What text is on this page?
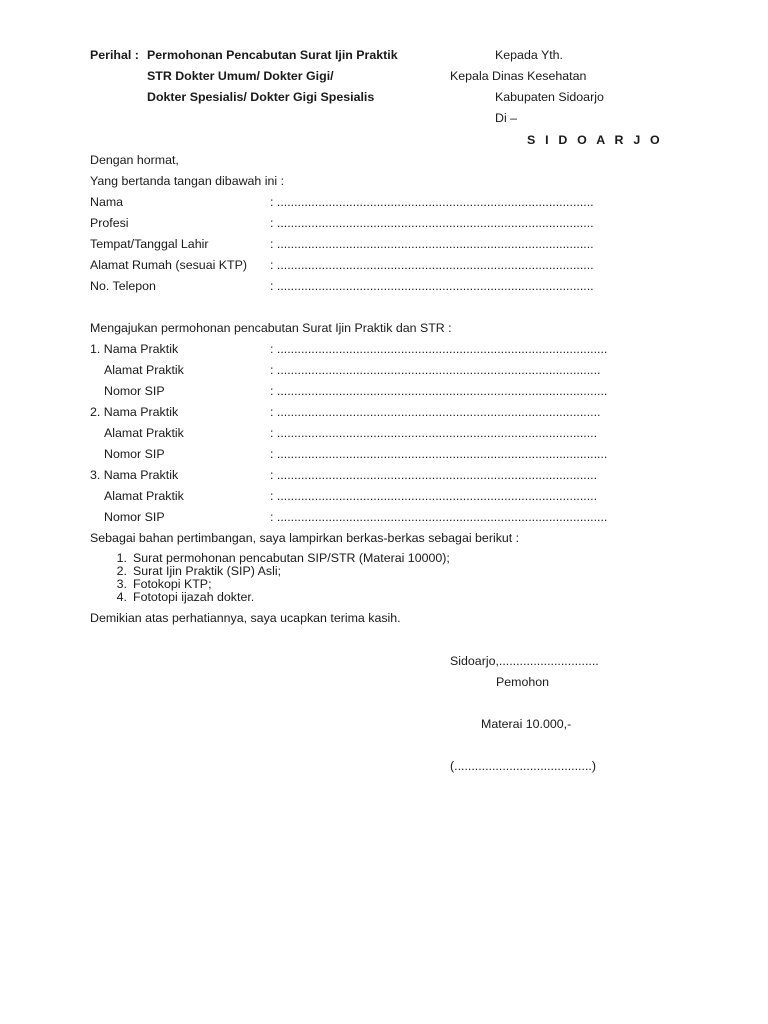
Perihal : Permohonan Pencabutan Surat Ijin Praktik
STR Dokter Umum/ Dokter Gigi/
Dokter Spesialis/ Dokter Gigi Spesialis
Kepada Yth.
Kepala Dinas Kesehatan
Kabupaten Sidoarjo
Di –
S I D O A R J O
Dengan hormat,
Yang bertanda tangan dibawah ini :
Nama	: ............................................................................................
Profesi	: ............................................................................................
Tempat/Tanggal Lahir	: ............................................................................................
Alamat Rumah (sesuai KTP) : ............................................................................................
No. Telepon	: ............................................................................................
Mengajukan permohonan pencabutan Surat Ijin Praktik dan STR :
1. Nama Praktik	: ................................................................................................
Alamat Praktik	: ..............................................................................................
Nomor SIP	: ................................................................................................
2. Nama Praktik	: ..............................................................................................
Alamat Praktik	: .............................................................................................
Nomor SIP	: ................................................................................................
3. Nama Praktik	: .............................................................................................
Alamat Praktik	: .............................................................................................
Nomor SIP	: ................................................................................................
Sebagai bahan pertimbangan, saya lampirkan berkas-berkas sebagai berikut :
1. Surat permohonan pencabutan SIP/STR (Materai 10000);
2. Surat Ijin Praktik (SIP) Asli;
3. Fotokopi KTP;
4. Fototopi ijazah dokter.
Demikian atas perhatiannya, saya ucapkan terima kasih.
Sidoarjo,.............................
Pemohon
Materai 10.000,-
(........................................)
